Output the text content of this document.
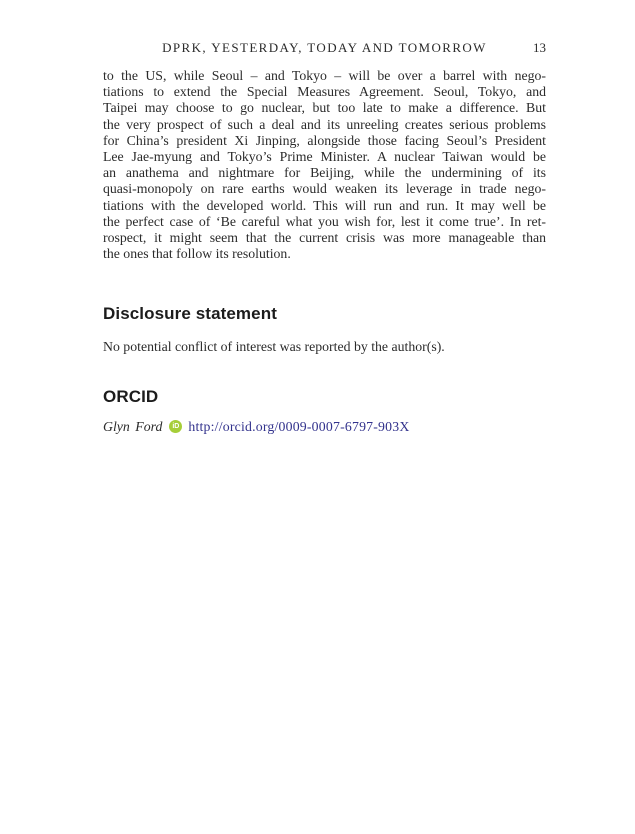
DPRK, YESTERDAY, TODAY AND TOMORROW	13
to the US, while Seoul – and Tokyo – will be over a barrel with nego-
tiations to extend the Special Measures Agreement. Seoul, Tokyo, and
Taipei may choose to go nuclear, but too late to make a difference. But
the very prospect of such a deal and its unreeling creates serious problems
for China’s president Xi Jinping, alongside those facing Seoul’s President
Lee Jae-myung and Tokyo’s Prime Minister. A nuclear Taiwan would be
an anathema and nightmare for Beijing, while the undermining of its
quasi-monopoly on rare earths would weaken its leverage in trade nego-
tiations with the developed world. This will run and run. It may well be
the perfect case of ‘Be careful what you wish for, lest it come true’. In ret-
rospect, it might seem that the current crisis was more manageable than
the ones that follow its resolution.
Disclosure statement

No potential conflict of interest was reported by the author(s).

ORCID

Glyn Ford iD http://orcid.org/0009-0007-6797-903X
